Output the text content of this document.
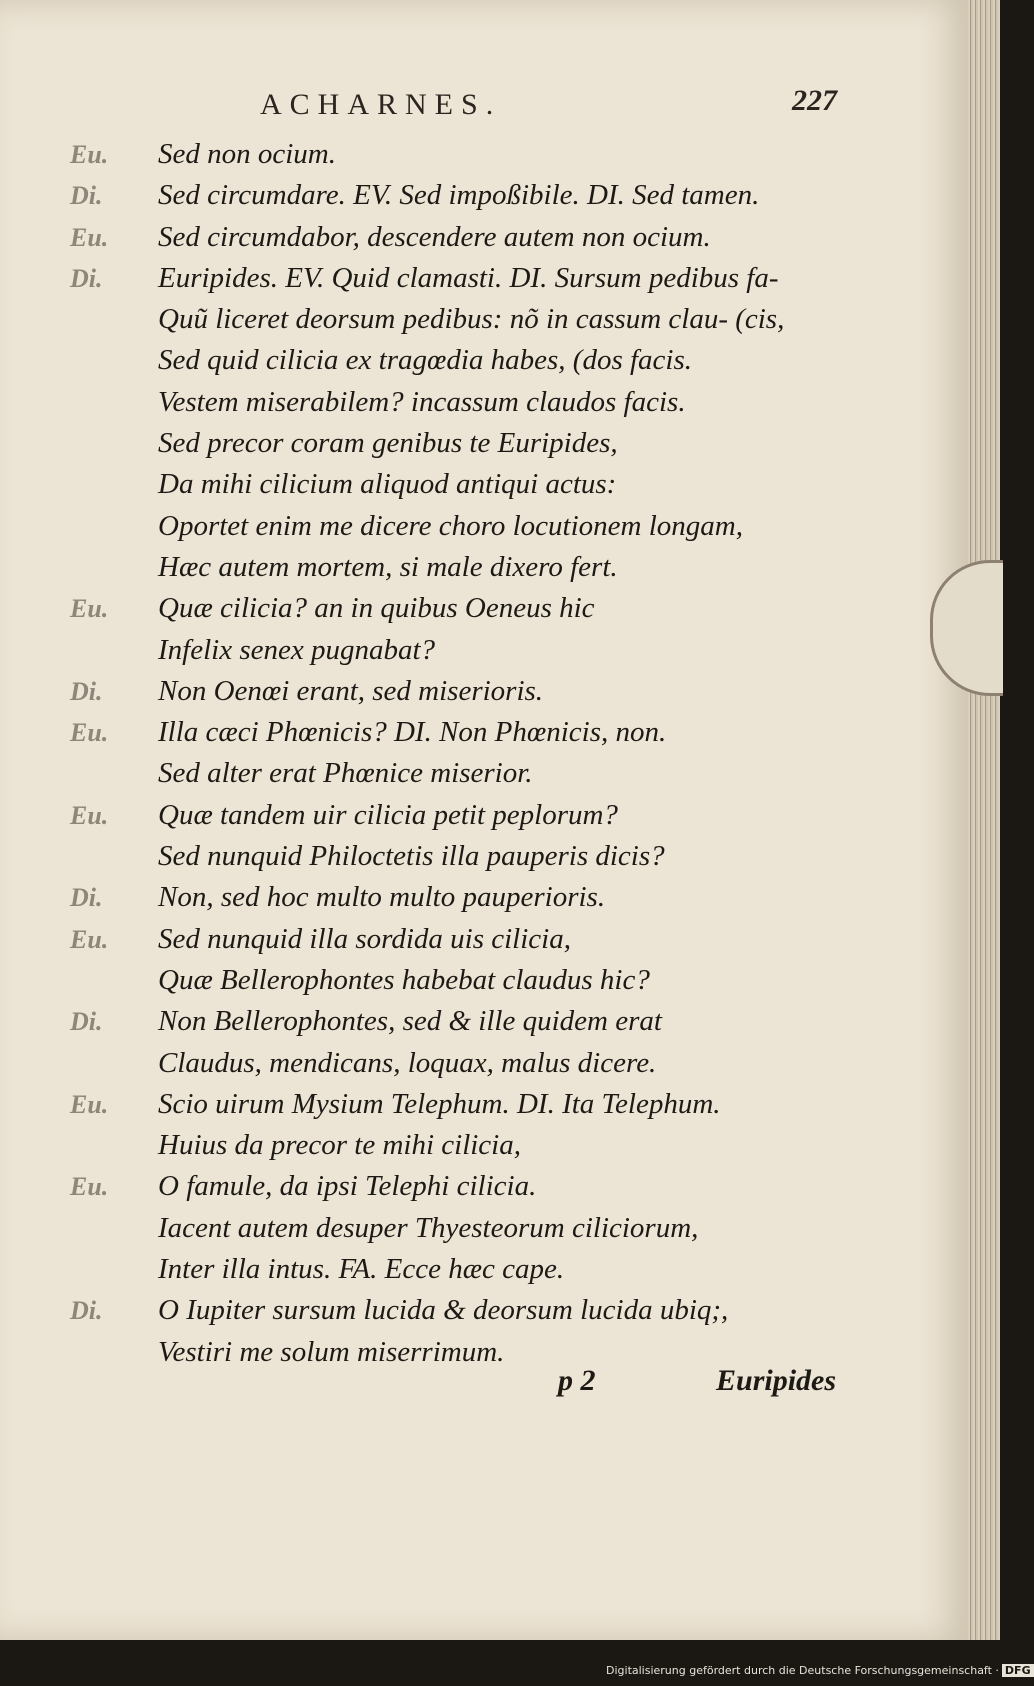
ACHARNES.	227
Eu.	Sed non ocium.
Di.	Sed circumdare. EV. Sed impoßibile. DI. Sed tamen.
Eu.	Sed circumdabor, descendere autem non ocium.
Di.	Euripides. EV. Quid clamasti. DI. Sursum pedibus fa-
Quũ liceret deorsum pedibus: nõ in cassum clau- (cis,
Sed quid cilicia ex tragœdia habes, (dos facis.
Vestem miserabilem? incassum claudos facis.
Sed precor coram genibus te Euripides,
Da mihi cilicium aliquod antiqui actus:
Oportet enim me dicere choro locutionem longam,
Hæc autem mortem, si male dixero fert.
Eu.	Quæ cilicia? an in quibus Oeneus hic
Infelix senex pugnabat?
Di.	Non Oenœi erant, sed miserioris.
Eu.	Illa cæci Phœnicis? DI. Non Phœnicis, non.
Sed alter erat Phœnice miserior.
Eu.	Quæ tandem uir cilicia petit peplorum?
Sed nunquid Philoctetis illa pauperis dicis?
Di.	Non, sed hoc multo multo pauperioris.
Eu.	Sed nunquid illa sordida uis cilicia,
Quæ Bellerophontes habebat claudus hic?
Di.	Non Bellerophontes, sed & ille quidem erat
Claudus, mendicans, loquax, malus dicere.
Eu.	Scio uirum Mysium Telephum. DI. Ita Telephum.
Huius da precor te mihi cilicia,
Eu.	O famule, da ipsi Telephi cilicia.
Iacent autem desuper Thyesteorum ciliciorum,
Inter illa intus. FA. Ecce hæc cape.
Di.	O Iupiter sursum lucida & deorsum lucida ubiq;,
Vestiri me solum miserrimum.
p 2	Euripides
Digitalisierung gefördert durch die Deutsche Forschungsgemeinschaft · DFG
